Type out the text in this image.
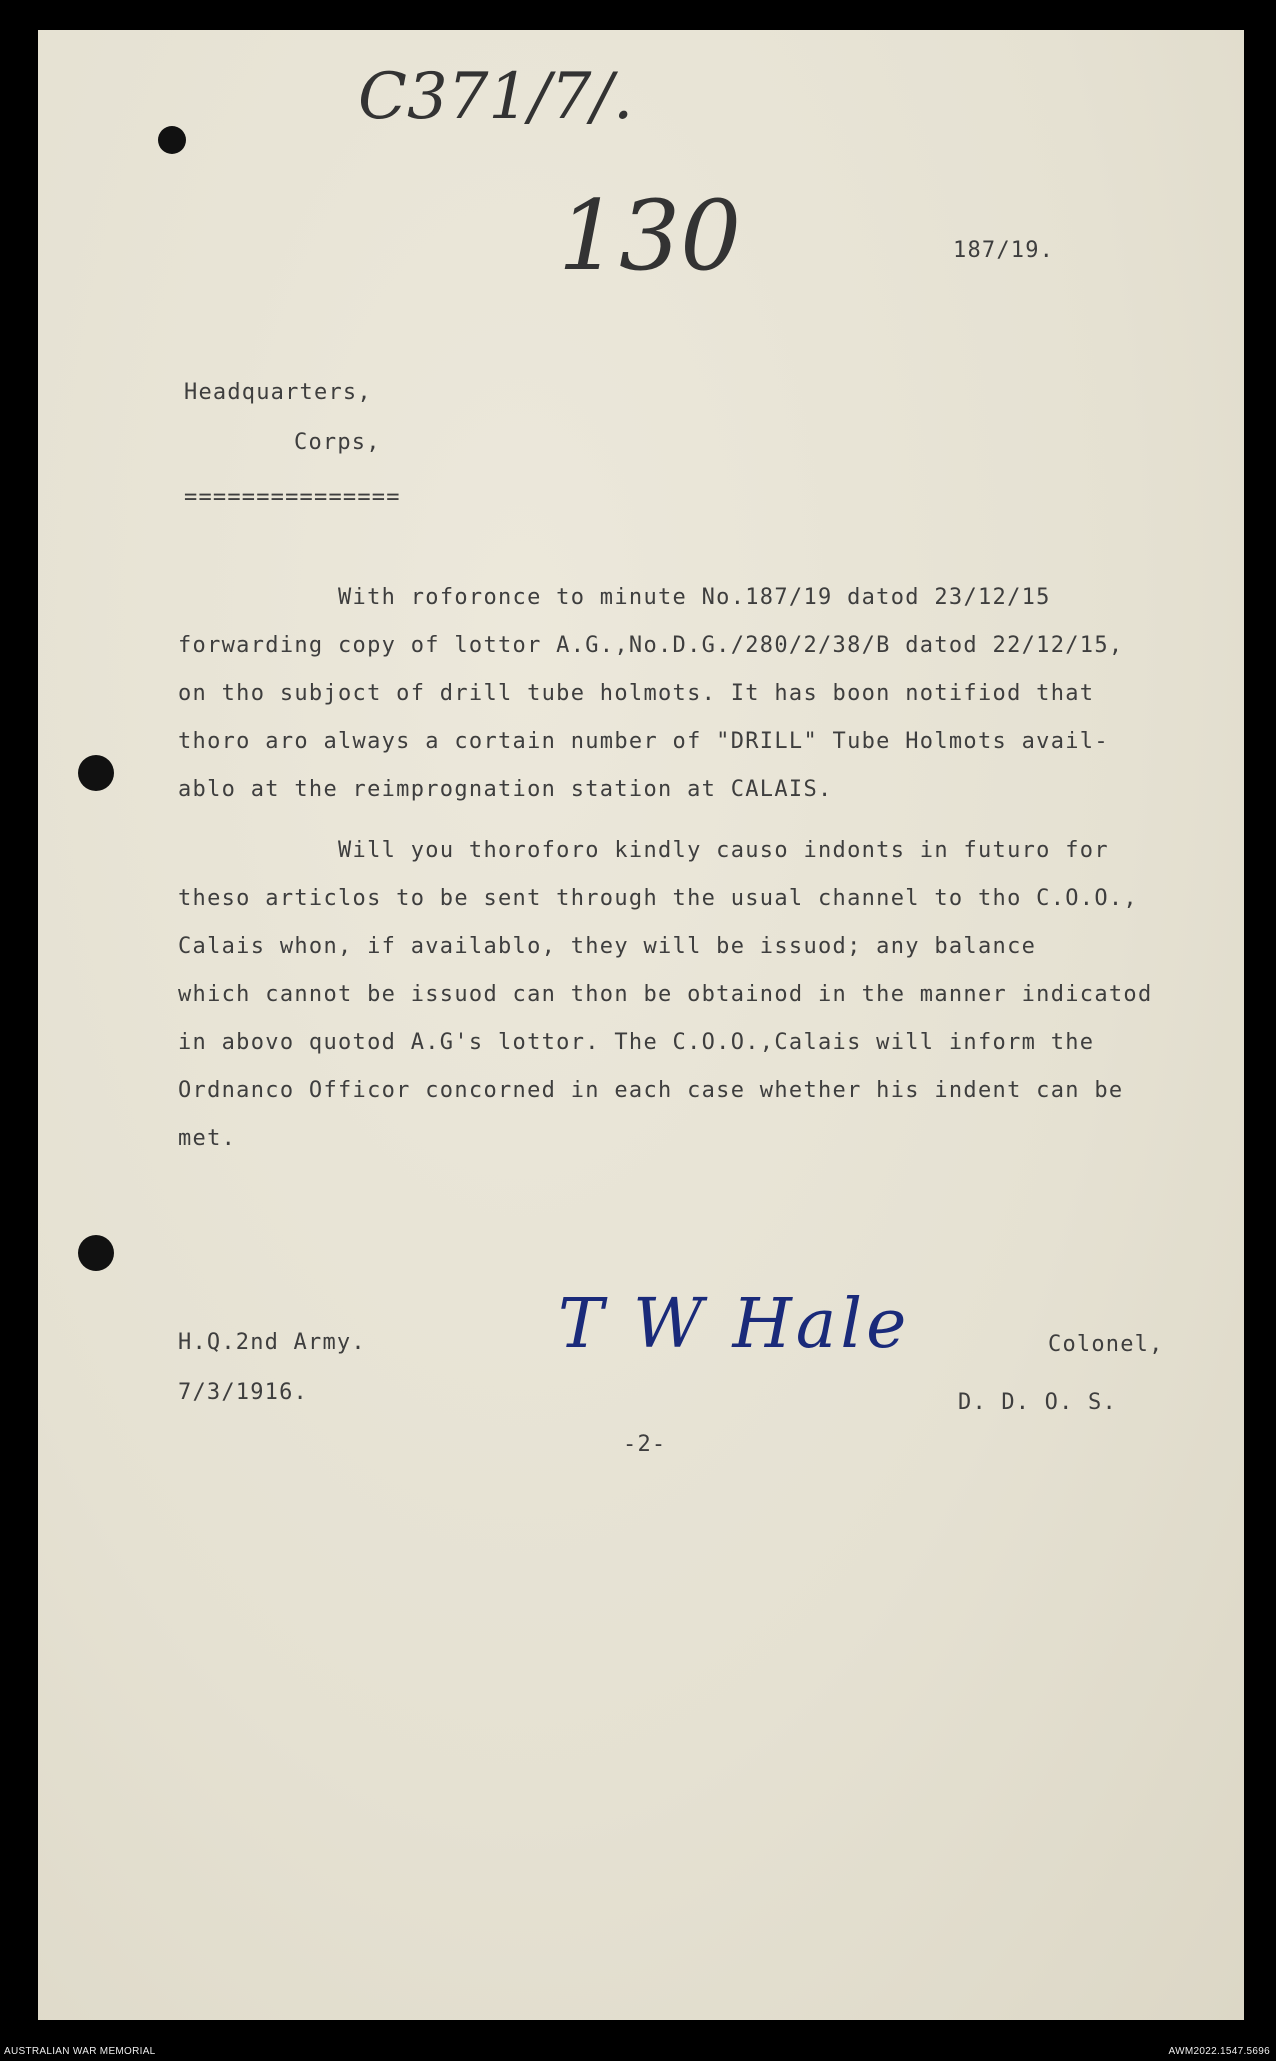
C371/7/.
130	187/19.
Headquarters,
Corps,
===============
With roforonce to minute No.187/19 datod 23/12/15
forwarding copy of lottor A.G.,No.D.G./280/2/38/B datod 22/12/15,
on tho subjoct of drill tube holmots. It has boon notifiod that
thoro aro always a cortain number of "DRILL" Tube Holmots avail-
ablo at the reimprognation station at CALAIS.
Will you thoroforo kindly causo indonts in futuro for
theso articlos to be sent through the usual channel to tho C.O.O.,
Calais whon, if availablo, they will be issuod; any balance
which cannot be issuod can thon be obtainod in the manner indicatod
in abovo quotod A.G's lottor. The C.O.O.,Calais will inform the
Ordnanco Officor concorned in each case whether his indent can be
met.
H.Q.2nd Army.
7/3/1916.
T W Hale	Colonel,
D. D. O. S.
-2-
AUSTRALIAN WAR MEMORIAL	AWM2022.1547.5696
